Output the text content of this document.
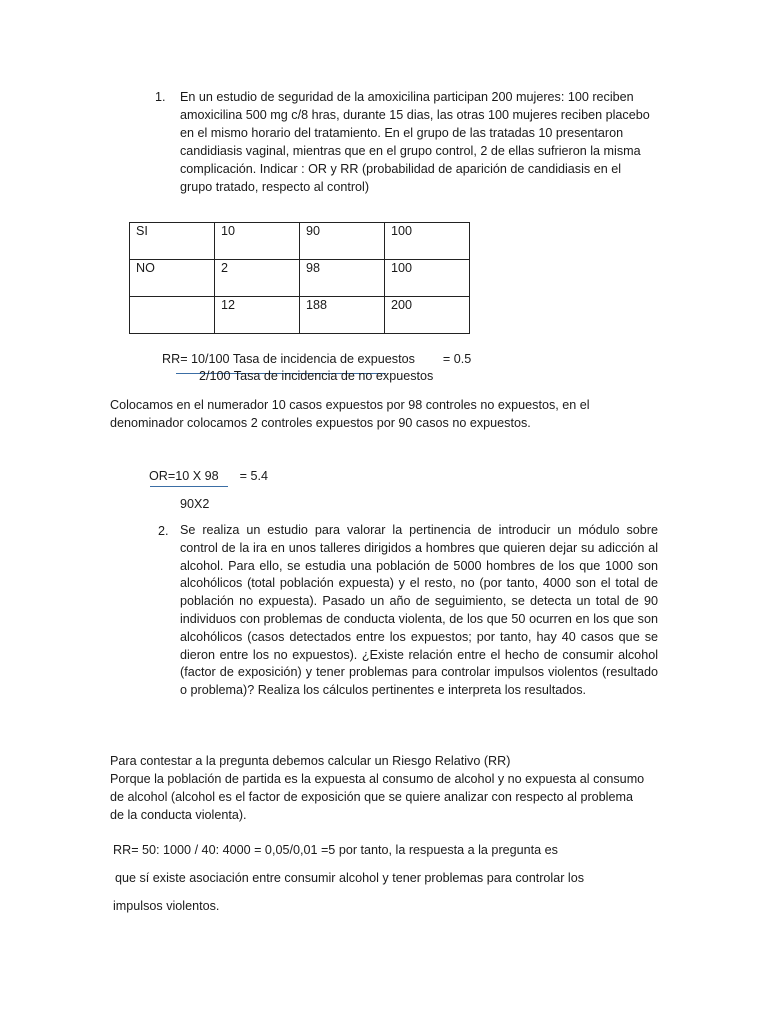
1.	En un estudio de seguridad de la amoxicilina participan 200 mujeres: 100 reciben amoxicilina 500 mg c/8 hras, durante 15 dias, las otras 100 mujeres reciben placebo en el mismo horario del tratamiento. En el grupo de las tratadas 10 presentaron candidiasis vaginal, mientras que en el grupo control, 2 de ellas sufrieron la misma complicación. Indicar : OR y RR (probabilidad de aparición de candidiasis en el grupo tratado, respecto al control)
SI	10	90	100
NO	2	98	100
	12	188	200
RR= 10/100 Tasa de incidencia de expuestos        = 0.5
2/100 Tasa de incidencia de no expuestos
Colocamos en el numerador 10 casos expuestos por 98 controles no expuestos, en el denominador colocamos 2 controles expuestos por 90 casos no expuestos.
OR=10 X 98      = 5.4
90X2
2. Se realiza un estudio para valorar la pertinencia de introducir un módulo sobre control de la ira en unos talleres dirigidos a hombres que quieren dejar su adicción al alcohol. Para ello, se estudia una población de 5000 hombres de los que 1000 son alcohólicos (total población expuesta) y el resto, no (por tanto, 4000 son el total de población no expuesta). Pasado un año de seguimiento, se detecta un total de 90 individuos con problemas de conducta violenta, de los que 50 ocurren en los que son alcohólicos (casos detectados entre los expuestos; por tanto, hay 40 casos que se dieron entre los no expuestos). ¿Existe relación entre el hecho de consumir alcohol (factor de exposición) y tener problemas para controlar impulsos violentos (resultado o problema)? Realiza los cálculos pertinentes e interpreta los resultados.
Para contestar a la pregunta debemos calcular un Riesgo Relativo (RR)
Porque la población de partida es la expuesta al consumo de alcohol y no expuesta al consumo de alcohol (alcohol es el factor de exposición que se quiere analizar con respecto al problema de la conducta violenta).
RR= 50: 1000 / 40: 4000 = 0,05/0,01 =5 por tanto, la respuesta a la pregunta es
que sí existe asociación entre consumir alcohol y tener problemas para controlar los
impulsos violentos.
